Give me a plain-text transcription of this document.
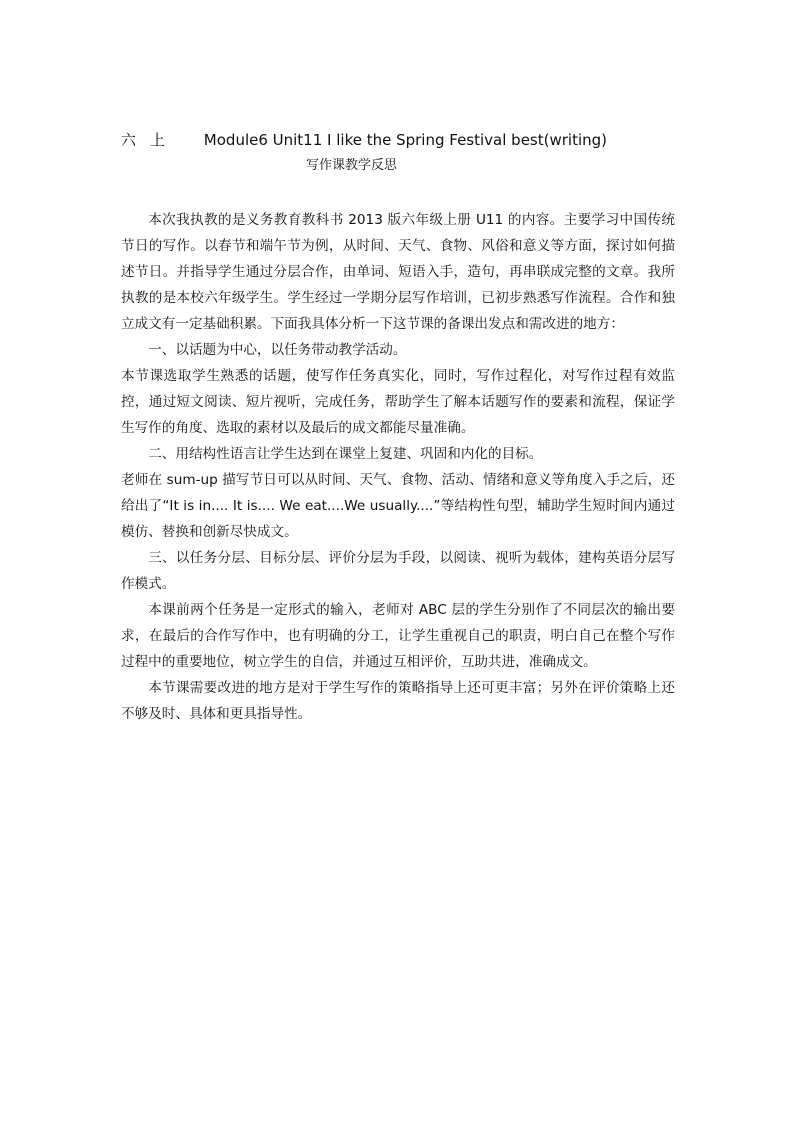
六上 Module6 Unit11 I like the Spring Festival best(writing)
写作课教学反思

本次我执教的是义务教育教科书 2013 版六年级上册 U11 的内容。主要学习中国传统节日的写作。以春节和端午节为例，从时间、天气、食物、风俗和意义等方面，探讨如何描述节日。并指导学生通过分层合作，由单词、短语入手，造句，再串联成完整的文章。我所执教的是本校六年级学生。学生经过一学期分层写作培训，已初步熟悉写作流程。合作和独立成文有一定基础积累。下面我具体分析一下这节课的备课出发点和需改进的地方：

一、以话题为中心，以任务带动教学活动。

本节课选取学生熟悉的话题，使写作任务真实化，同时，写作过程化，对写作过程有效监控，通过短文阅读、短片视听，完成任务，帮助学生了解本话题写作的要素和流程，保证学生写作的角度、选取的素材以及最后的成文都能尽量准确。

二、用结构性语言让学生达到在课堂上复建、巩固和内化的目标。

老师在 sum-up 描写节日可以从时间、天气、食物、活动、情绪和意义等角度入手之后，还给出了“It is in.... It is.... We eat....We usually....”等结构性句型，辅助学生短时间内通过模仿、替换和创新尽快成文。

三、以任务分层、目标分层、评价分层为手段，以阅读、视听为载体，建构英语分层写作模式。

本课前两个任务是一定形式的输入，老师对 ABC 层的学生分别作了不同层次的输出要求，在最后的合作写作中，也有明确的分工，让学生重视自己的职责，明白自己在整个写作过程中的重要地位，树立学生的自信，并通过互相评价，互助共进，准确成文。

本节课需要改进的地方是对于学生写作的策略指导上还可更丰富；另外在评价策略上还不够及时、具体和更具指导性。
